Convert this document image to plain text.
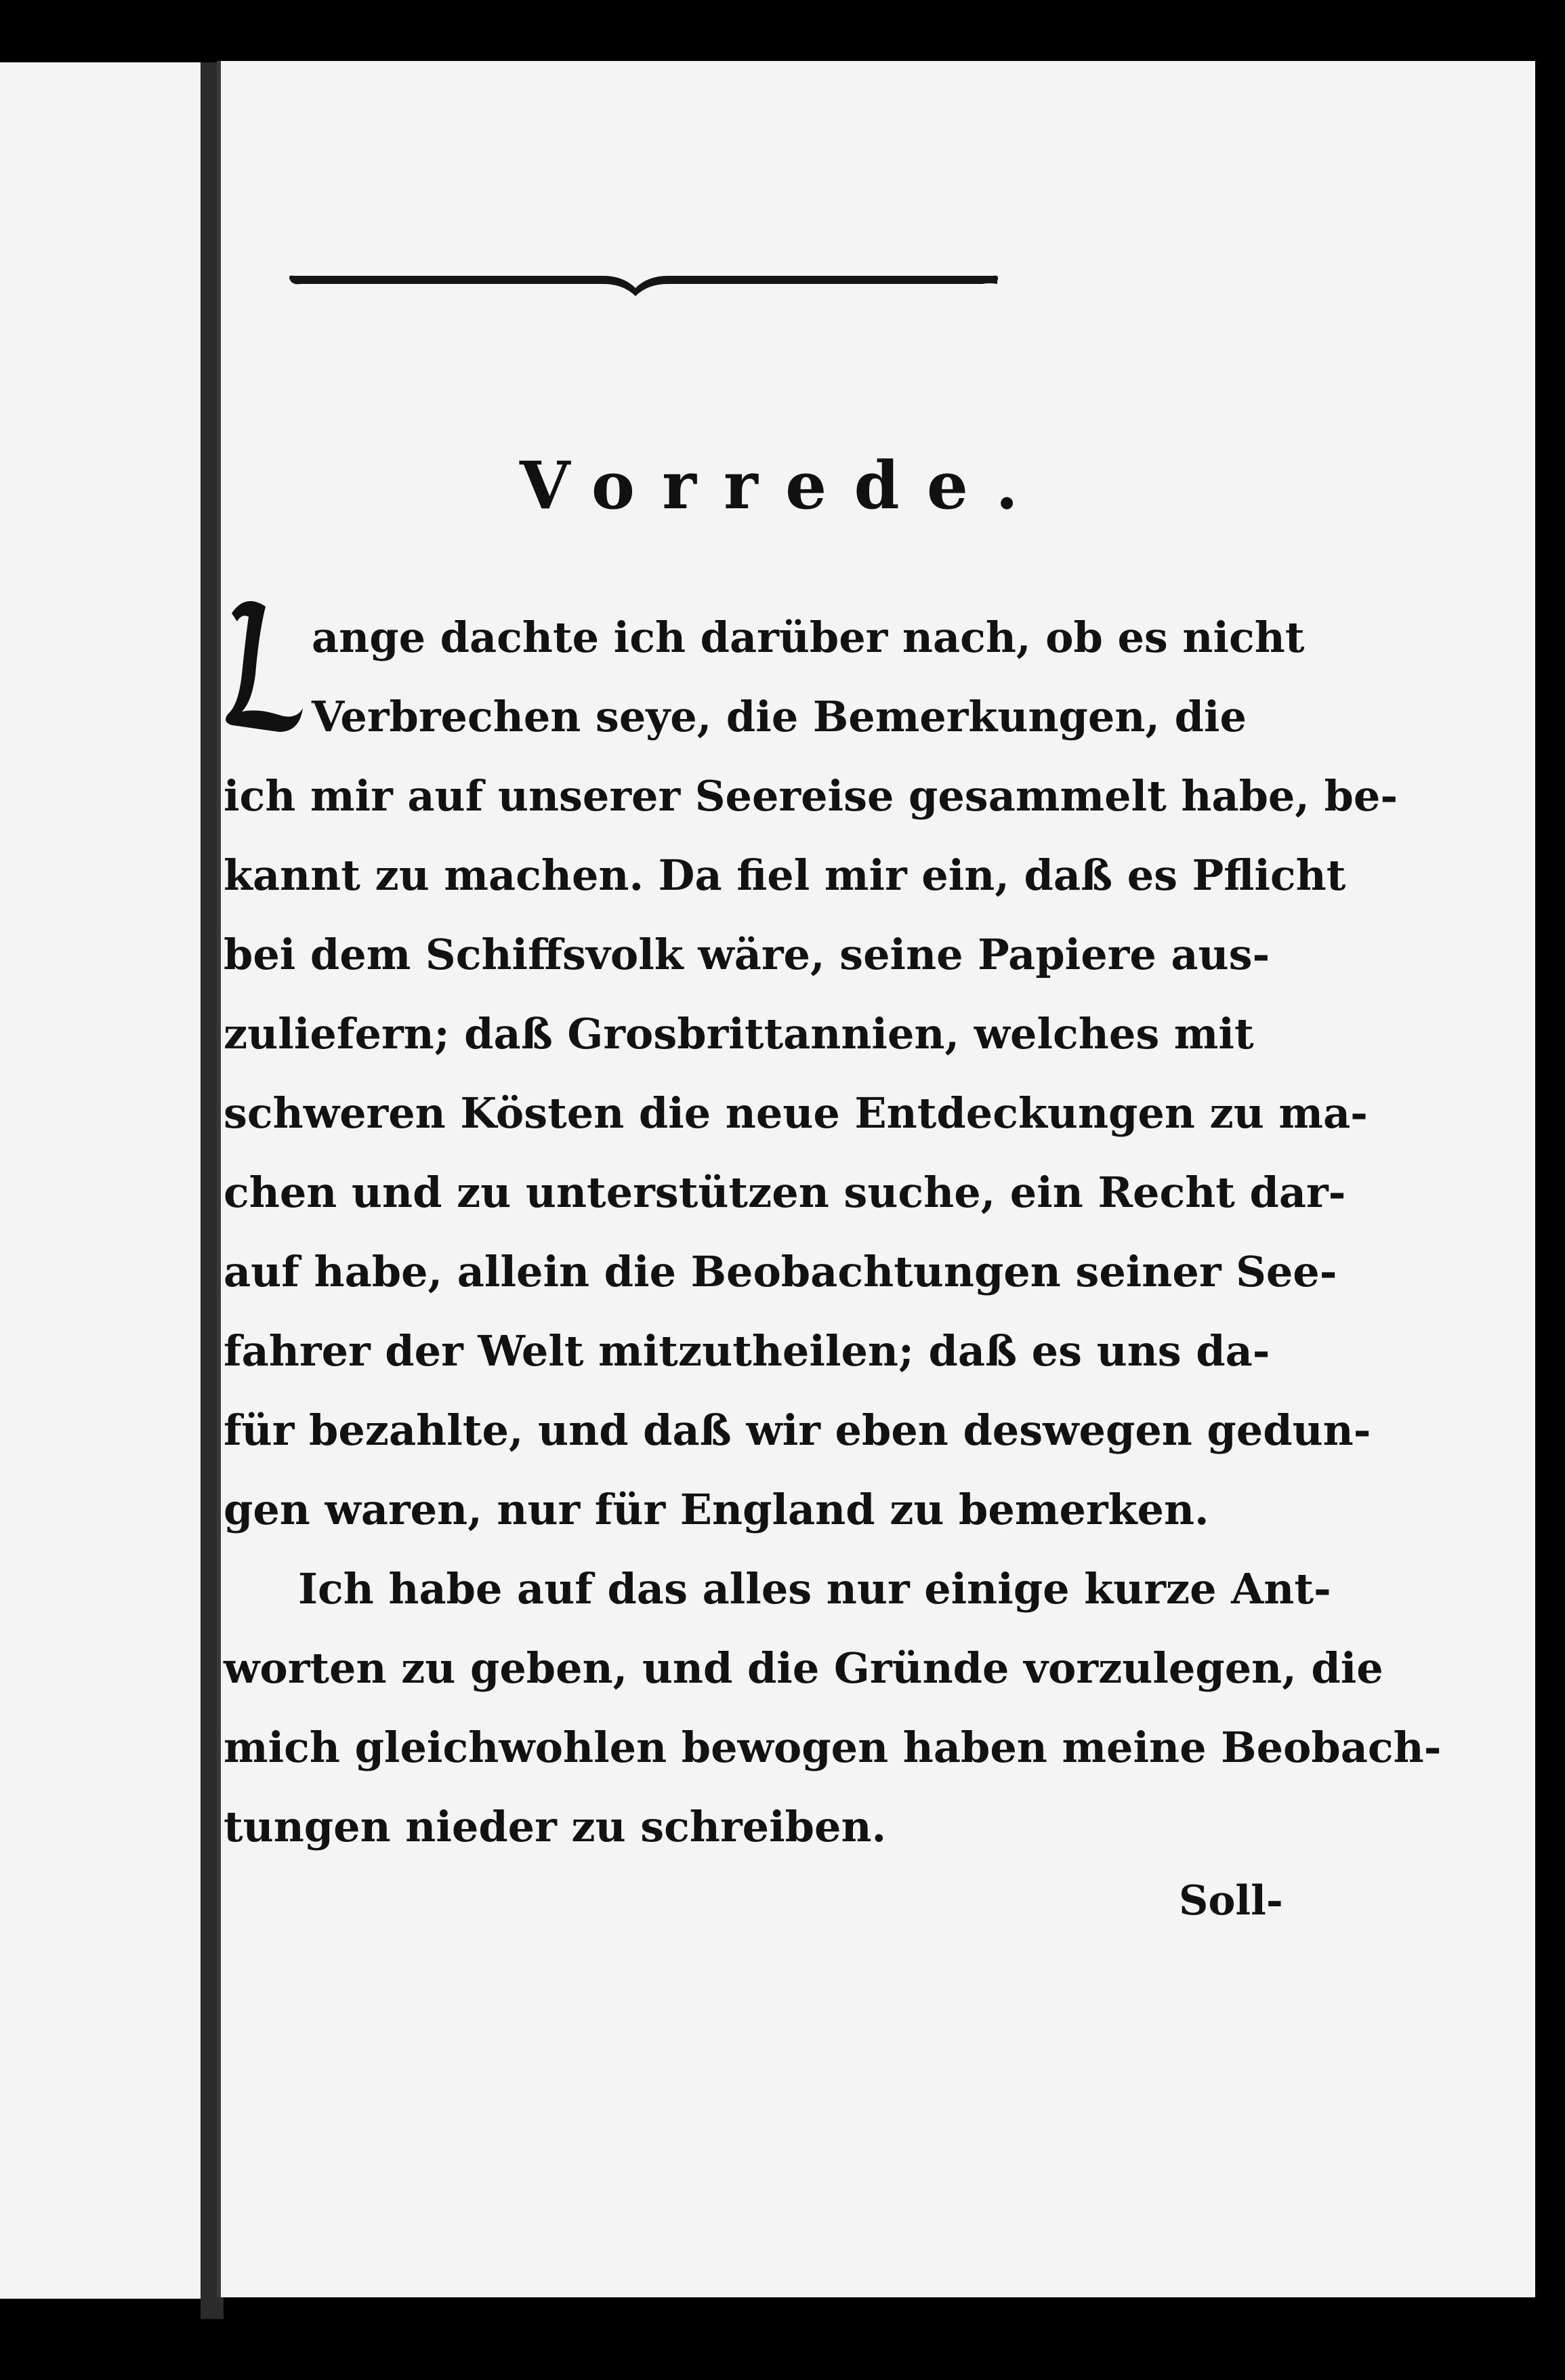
Vorrede.
ange dachte ich darüber nach, ob es nicht
Verbrechen seye, die Bemerkungen, die
ich mir auf unserer Seereise gesammelt habe, be-
kannt zu machen. Da fiel mir ein, daß es Pflicht
bei dem Schiffsvolk wäre, seine Papiere aus-
zuliefern; daß Grosbrittannien, welches mit
schweren Kösten die neue Entdeckungen zu ma-
chen und zu unterstützen suche, ein Recht dar-
auf habe, allein die Beobachtungen seiner See-
fahrer der Welt mitzutheilen; daß es uns da-
für bezahlte, und daß wir eben deswegen gedun-
gen waren, nur für England zu bemerken.
Ich habe auf das alles nur einige kurze Ant-
worten zu geben, und die Gründe vorzulegen, die
mich gleichwohlen bewogen haben meine Beobach-
tungen nieder zu schreiben.
Soll-
